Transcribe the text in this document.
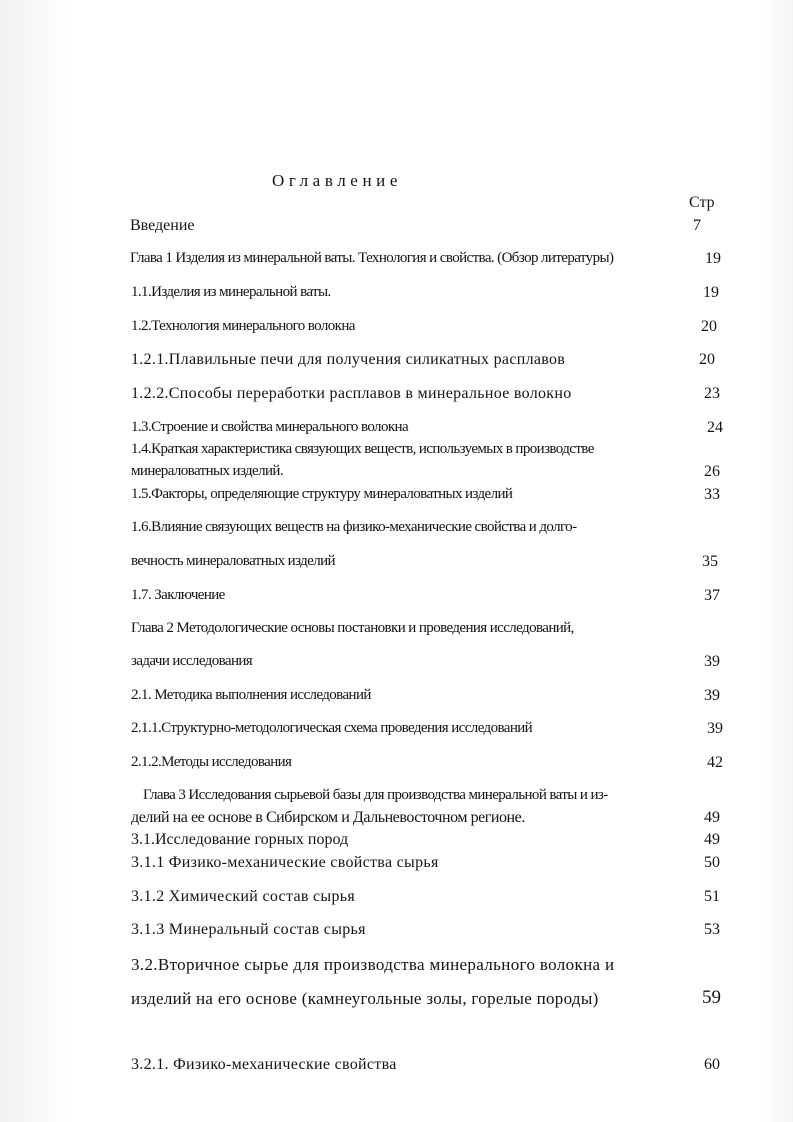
Оглавление
Стр
Введение	7
Глава 1 Изделия из минеральной ваты. Технология и свойства. (Обзор литературы)	19
1.1.Изделия из минеральной ваты.	19
1.2.Технология минерального волокна	20
1.2.1.Плавильные печи для получения силикатных расплавов	20
1.2.2.Способы переработки расплавов в минеральное волокно	23
1.3.Строение и свойства минерального волокна	24
1.4.Краткая характеристика связующих веществ, используемых в производстве
минераловатных изделий.	26
1.5.Факторы, определяющие структуру минераловатных изделий	33
1.6.Влияние связующих веществ на физико-механические свойства и долго-
вечность минераловатных изделий	35
1.7. Заключение	37
Глава 2 Методологические основы постановки и проведения исследований,
задачи исследования	39
2.1. Методика выполнения исследований	39
2.1.1.Структурно-методологическая схема проведения исследований	39
2.1.2.Методы исследования	42
Глава 3 Исследования сырьевой базы для производства минеральной ваты и из-
делий на ее основе в Сибирском и Дальневосточном регионе.	49
3.1.Исследование горных пород	49
3.1.1 Физико-механические свойства сырья	50
3.1.2 Химический состав сырья	51
3.1.3 Минеральный состав сырья	53
3.2.Вторичное сырье для производства минерального волокна и
изделий на его основе (камнеугольные золы, горелые породы)	59
3.2.1. Физико-механические свойства	60
